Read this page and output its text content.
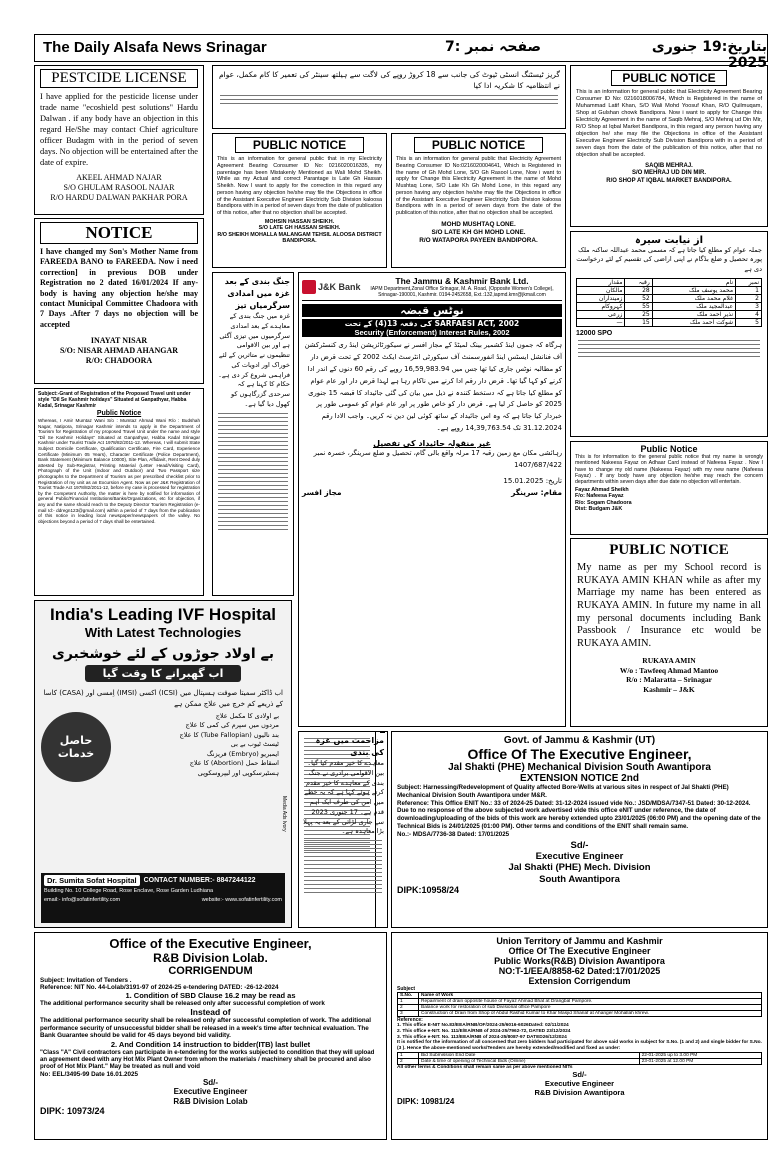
The Daily Alsafa News Srinagar	صفحہ نمبر :7	بتاریخ:19 جنوری 2025
PESTCIDE LICENSE

I have applied for the pesticide license under trade name "ecoshield pest solutions" Hardu Dalwan . if any body have an objection in this regard He/She may contact Chief agriculture officer Budagm with in the period of seven days. No objection will be entertained after the date of expire.

AKEEL AHMAD NAJAR
S/O GHULAM RASOOL NAJAR
R/O HARDU DALWAN PAKHAR PORA
NOTICE

I have changed my Son's Mother Name from FAREEDA BANO to FAREEDA. Now i need correction] in previous DOB under Registration no 2 dated 16/01/2024 If any-body is having any objection he/she may contact Municipal Committee Chadoora with 7 Days .After 7 days no objection will be accepted

INAYAT NISAR
S/O: NISAR AHMAD AHANGAR
R/O: CHADOORA

Subject:-Grant of Registration of the Proposed Travel unit under style "Dil Se Kashmir holidays" Situated at Ganpathyar, Habba Kadal, Srinagar Kashmir

Public Notice

Whereas, I Amir Mumtaz Wani S/o : Mumtaz Ahmad Wani R/o : Budshah Nagar, Natipora, Srinagar Kashmir intends to apply in the Department of Tourism for Registration of my proposed Travel Unit under the name and style "Dil Se Kashmir Holidays" Situated at Ganpathyar, Habba Kadal Srinagar Kashmir under Tourist Trade Act 1978/82/2011-12. Whereas, I will submit State Subject Domicile Certificate, Qualification Certificate, Fire Card, Experience Certificate (Minimum 05 Years), Character Certificate (Police Department), Bank Statement (Minimum Balance 10000), Site Plan, Affidavit, Rent Deed duly attested by Sub-Registrar, Printing Material (Letter Head/Visiting Card), Photograph of the Unit (Indoor and Outdoor) and Two Passport size photographs to the Department of Tourism as per prescribed checklist prior to Registration of my unit as an Excursion Agent. Now as per J&K Registration of Tourist Trade Act 1978/82/2011-12, before my case is processed for registration by the Competent Authority, the matter is here by notified for information of general Public/Financial Institutions/Banks/Organizations, etc for objection, if any and the same should reach to the Deputy Director Tourism Registration (e-mail Id:- ddregn123@gmail.com) within a period of 7 days from the publication of this notice in leading local newspaper/newspapers of the valley. No objections beyond a period of 7 days shall be entertained.

PUBLIC NOTICE

This is an information for general public that in my Electricity Agreement Bearing Consumer ID No: 0216020016335, my parentage has been Mistakenly Mentioned as Wali Mohd Sheikh. While as my Actual and correct Parantage is Late Gh Hassan Sheikh. Now I want to apply for the correction in this regard any person having any objection he/she may file the Objections in office of the Assistant Executive Engineer Electricity Sub Division kaloosa Bandipora with in a period of seven days from the date of publication of this notice, after that no objection shall be accepted.

MOHSIN HASSAN SHEIKH.
S/O LATE GH HASSAN SHEIKH.
R/O SHEIKH MOHALLA MALANGAM TEHSIL ALOOSA DISTRICT BANDIPORA.
PUBLIC NOTICE

This is an information for general public that Electricity Agreement Bearing Consumer ID No:0216020004641, Which is Registered in the name of Gh Mohd Lone, S/O Gh Rasool Lone, Now i want to apply for Change this Electricity Agreement in the name of Mohd Mushtaq Lone, S/O Late Kh Gh Mohd Lone, in this regard any person having any objection he/she may file the Objections in office of the Assistant Executive Engineer Electricity Sub Division kaloosa Bandipora with in a period of seven days from the date of the publication of this notice, after that no objection shall be accepted.

MOHD MUSHTAQ LONE.
S/O LATE KH GH MOHD LONE.
R/O WATAPORA PAYEEN BANDIPORA.

گریز ٹیسٹنگ انسٹی ٹیوٹ کی جانب سے 18 کروڑ روپے کی لاگت سے ہیلتھ سینٹر کی تعمیر کا کام مکمل، عوام نے انتظامیہ کا شکریہ ادا کیا

PUBLIC NOTICE

This is an information for general public that Electricity Agreement Bearing Consumer ID No: 0216018006784, Which is Registered in the name of Muhammad Latif Khan, S/O Wali Mohd Yoosuf Khan, R/O Quilmuqam, Shop at Gulshan chowk Bandipora. Now i want to apply for Change this Electricity Agreement in the name of Saqib Mehraj, S/O Mehraj ud Din Mir, R/O Shop at Iqbal Market Bandipora, in this regard any person having any objection he/ she may file the Objections in office of the Assistant Executive Engineer Electricity Sub Division Bandipora with in a period of seven days from the date of the publication of this notice, after that no objection shall be accepted.

SAQIB MEHRAJ.
S/O MEHRAJ UD DIN MIR.
R/O SHOP AT IQBAL MARKET BANDIPORA.
از نیابت سیرہ

جملہ عوام کو مطلع کیا جاتا ہے کہ مسمی محمد عبداللہ ساکنہ ملک پورہ تحصیل و ضلع بڈگام نے اپنی اراضی کی تقسیم کے لئے درخواست دی ہے

نمبر	نام	رقبہ	مقدار
1	محمد یوسف ملک	28	مالکان
2	غلام محمد ملک	52	زمینداران
3	عبدالمجید ملک	55	کہروکام
4	نذیر احمد ملک	25	زرعی
5	شوکت احمد ملک	15	—
12000 SPO
جنگ بندی کے بعد غزہ میں امدادی سرگرمیاں تیز

غزہ میں جنگ بندی کے معاہدے کے بعد امدادی سرگرمیوں میں تیزی آگئی ہے اور بین الاقوامی تنظیموں نے متاثرین کے لئے خوراک اور ادویات کی فراہمی شروع کر دی ہے۔ حکام کا کہنا ہے کہ سرحدی گزرگاہوں کو کھول دیا گیا ہے۔

J&K Bank
The Jammu & Kashmir Bank Ltd.
IAPM Department,Zonal Office Srinagar, M. A. Road, (Opposite Women's College), Srinagar-190001, Kashmir. 0194-2452658, Ext.:132,iapmd.kmr@jkmail.com
نوٹس قبضہ
SARFAESI ACT, 2002 کی دفعہ 13(4) کے تحت
Security (Enforcement) Interest Rules, 2002

ہرگاہ کہ جموں اینڈ کشمیر بینک لمیٹڈ کے مجاز افسر نے سیکورٹائزیشن اینڈ ری کنسٹرکشن آف فنانشل ایسٹس اینڈ انفورسمنٹ آف سیکورٹی انٹرسٹ ایکٹ 2002 کے تحت قرض دار کو مطالبہ نوٹس جاری کیا تھا جس میں 16,59,983.94 روپے کی رقم 60 دنوں کے اندر ادا کرنے کو کہا گیا تھا۔ قرض دار رقم ادا کرنے میں ناکام رہا ہے لہذا قرض دار اور عام عوام کو مطلع کیا جاتا ہے کہ دستخط کنندہ نے ذیل میں بیان کی گئی جائیداد کا قبضہ 15 جنوری 2025 کو حاصل کر لیا ہے۔ قرض دار کو خاص طور پر اور عام عوام کو عمومی طور پر خبردار کیا جاتا ہے کہ وہ اس جائیداد کے ساتھ کوئی لین دین نہ کریں۔ واجب الادا رقم 31.12.2024 تک 14,39,763.54 روپے ہے۔

غیر منقولہ جائیداد کی تفصیل

رہائشی مکان مع زمین رقبہ 17 مرلہ واقع بالی گام، تحصیل و ضلع سرینگر، خسرہ نمبر 1407/687/422

تاریخ: 15.01.2025
مقام: سرینگر
مجاز افسر
India's Leading IVF Hospital
With Latest Technologies
بے اولاد جوڑوں کے لئے خوشخبری
اب گھبرانے کا وقت گیا

اب ڈاکٹر سمیتا صوفت ہسپتال میں (ICSI) اکسی (IMSI) اِمسی اور (CASA) کاسا کے ذریعے کم خرچ میں علاج ممکن ہے

حاصل خدمات
بے اولادی کا مکمل علاج
مردوں میں سپرم کی کمی کا علاج
بند نالیوں (Tube Fallopian) کا علاج
ٹیسٹ ٹیوب بے بی
ایمبریو (Embryo) فریزنگ
اسقاط حمل (Abortion) کا علاج
ہسٹیرسکوپی اور لیپروسکوپی
Dr. Sumita Sofat Hospital	CONTACT NUMBER:- 8847244122
Building No. 10 College Road, Rose Enclave, Rose Garden Ludhiana
email:- info@sofatinfertility.com	website:- www.sofatinfertility.com
Media Ads Ivory
مزاحمت میں غزہ کی بندی

معاہدے کا خیر مقدم کیا گیا۔ بین الاقوامی برادری نے جنگ بندی کے معاہدے کا خیر مقدم کرتے ہوئے کہا ہے کہ یہ خطے میں امن کی طرف ایک اہم قدم ہے۔ 17 جنوری 2023 سے جاری لڑائی کے بعد یہ پہلا بڑا معاہدہ ہے۔

Public Notice

This is for information to the general public notice that my name is wrongly mentioned Nakeesa Fayaz on Adhaar Card instead of Nafeesa Fayaz . Now I have to change my old name (Nakeesa Fayaz) with my new name (Nafeesa Fayaz) . If any body have any objection he/she may reach the concern departments within seven days after due date no objection will entertain.

Fayaz Ahmad Sheikh
F/o: Nafeesa Fayaz
R/o: Sogam Chadoora
Dist: Budgam J&K
PUBLIC NOTICE

My name as per my School record is RUKAYA AMIN KHAN while as after my Marriage my name has been entered as RUKAYA AMIN. In future my name in all my personal documents including Bank Passbook / Insurance etc would be RUKAYA AMIN.

RUKAYA AMIN
W/o : Tawfeeq Ahmad Mantoo
R/o : Malaratta – Srinagar
Kashmir – J&K
Govt. of Jammu & Kashmir (UT)
Office Of The Executive Engineer,
Jal Shakti (PHE) Mechanical Division South Awantipora
EXTENSION NOTICE 2nd

Subject: Harnessing/Redevelopment of Quality affected Bore-Wells at various sites in respect of Jal Shakti (PHE) Mechanical Division South Awantipora under M&R.

Reference: This Office ENIT No.: 33 of 2024-25 Dated: 31-12-2024 issued vide No.: JSD/MDSA/7347-51 Dated: 30-12-2024.

Due to no response of the above subjected work advertised vide this office eNIT under reference, the date of downloading/uploading of the bids of this work are hereby extended upto 23/01/2025 (06:00 PM) and the opening date of the Technical Bids is 24/01/2025 (01:00 PM). Other terms and conditions of the ENIT shall remain same.

No.:- MDSA/7736-38 Dated: 17/01/2025

Sd/-
Executive Engineer
Jal Shakti (PHE) Mech. Division
South Awantipora
DIPK:10958/24
Office of the Executive Engineer,
R&B Division Lolab.
CORRIGENDUM

Subject: Invitation of Tenders .

Reference: NIT No. 44-Lolab/3191-97 of 2024-25 e-tendering DATED: -26-12-2024

1. Condition of SBD Clause 16.2 may be read as

The additional performance security shall be released only after successful completion of work

Instead of

The additional performance security shall be released only after successful completion of work. The additional performance security of unsuccessful bidder shall be released in a week's time after technical evaluation. The Bank Guarantee should be valid for 45 days beyond bid validity.

2. And Condition 14 instruction to bidder(ITB) last bullet

"Class "A" Civil contractors can participate in e-tendering for the works subjected to condition that they will upload an agreement deed with any Hot Mix Plant Owner from whom the materials / machinery shall be procured and also proof of Hot Mix Plant." May be treated as null and void

No: EEL/3495-99 Date 16.01.2025

Sd/-
Executive Engineer
R&B Division Lolab
DIPK: 10973/24
Union Territory of Jammu and Kashmir
Office Of The Executive Engineer
Public Works(R&B) Division Awantipora
NO:T-1/EEA/8858-62 Dated:17/01/2025
Extension Corrigendum
Subject
S.No.	Name of Work
1	Repairment of drain opposite house of Fayaz Ahmad Bhat at Drangbal Pampore.
2	Balance work for restoration of sub Divisional office Pampore
3	Construction of Drain from Shop of Abdul Rashid Kumar to Khar Masjid Shariaf at Ahanger Mohallah khrew.
Reference:
1. This office E-NIT No.83/EEA/RNB/OF/2024-25/6016-6026Dated: 02/11/2024
2. This office e-NIT. No. 111/E/EA/RNB of 2024-25/7962-72, DATED 23/12/2024
3. This office e-NIT. No. 113/EEA/RNB of 2024-25/8087-97 DATED26/12/2024

It is notified for the information of all concerned that zero bidders had participated for above said works in subject for S.No. (1 and 2) and single bidder for S.No.(3 ). Hence the above-mentioned works/Tenders are hereby extended/modified and fixed as under:

1	Bid Submission End Date	22-01-2025 up to 3.00 PM
2	Date & time of opening of Technical Bids (Online)	23-01-2025 at 12.00 PM
All other terms & Conditions shall remain same as per above mentioned NITs
Sd/-
Executive Engineer
R&B Division Awantipora
DIPK: 10981/24
